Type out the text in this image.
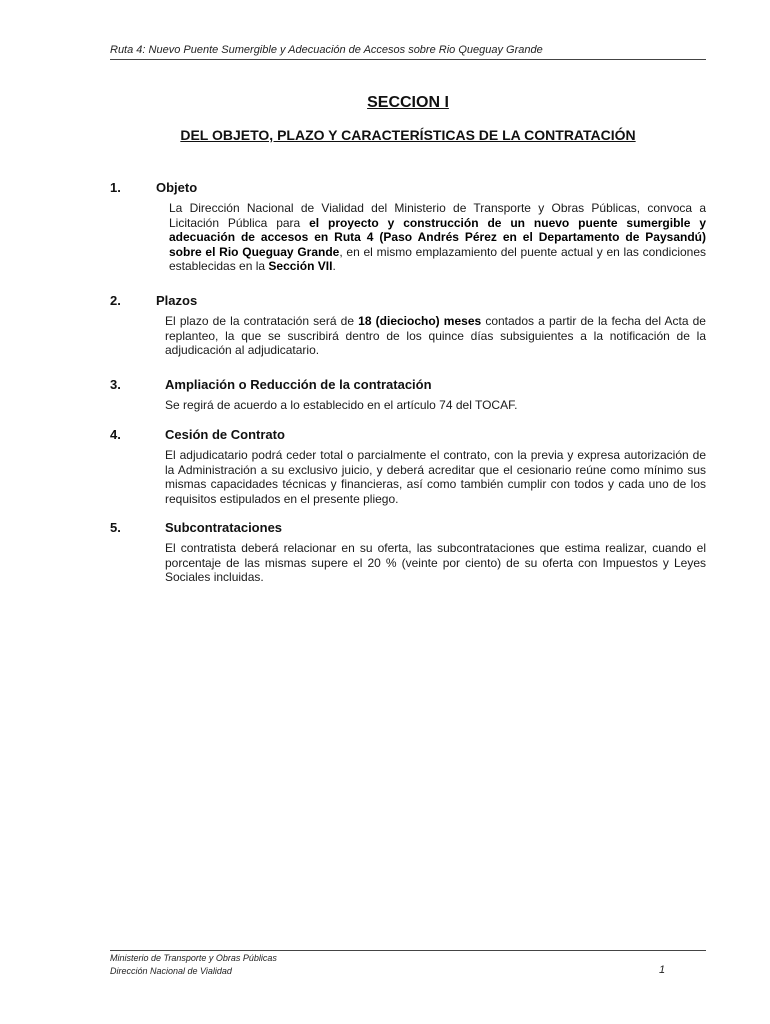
Ruta 4: Nuevo Puente Sumergible y Adecuación de Accesos sobre Rio Queguay Grande
SECCION I
DEL OBJETO, PLAZO Y CARACTERÍSTICAS DE LA CONTRATACIÓN
1.	Objeto
La Dirección Nacional de Vialidad del Ministerio de Transporte y Obras Públicas, convoca a Licitación Pública para el proyecto y construcción de un nuevo puente sumergible y adecuación de accesos en Ruta 4 (Paso Andrés Pérez en el Departamento de Paysandú) sobre el Rio Queguay Grande, en el mismo emplazamiento del puente actual y en las condiciones establecidas en la Sección VII.
2.	Plazos
El plazo de la contratación será de 18 (dieciocho) meses contados a partir de la fecha del Acta de replanteo, la que se suscribirá dentro de los quince días subsiguientes a la notificación de la adjudicación al adjudicatario.
3.	Ampliación o Reducción de la contratación
Se regirá de acuerdo a lo establecido en el artículo 74 del TOCAF.
4.	Cesión de Contrato
El adjudicatario podrá ceder total o parcialmente el contrato, con la previa y expresa autorización de la Administración a su exclusivo juicio, y deberá acreditar que el cesionario reúne como mínimo sus mismas capacidades técnicas y financieras, así como también cumplir con todos y cada uno de los requisitos estipulados en el presente pliego.
5.	Subcontrataciones
El contratista deberá relacionar en su oferta, las subcontrataciones que estima realizar, cuando el porcentaje de las mismas supere el 20 % (veinte por ciento) de su oferta con Impuestos y Leyes Sociales incluidas.
Ministerio de Transporte y Obras Públicas
Dirección Nacional de Vialidad	1
